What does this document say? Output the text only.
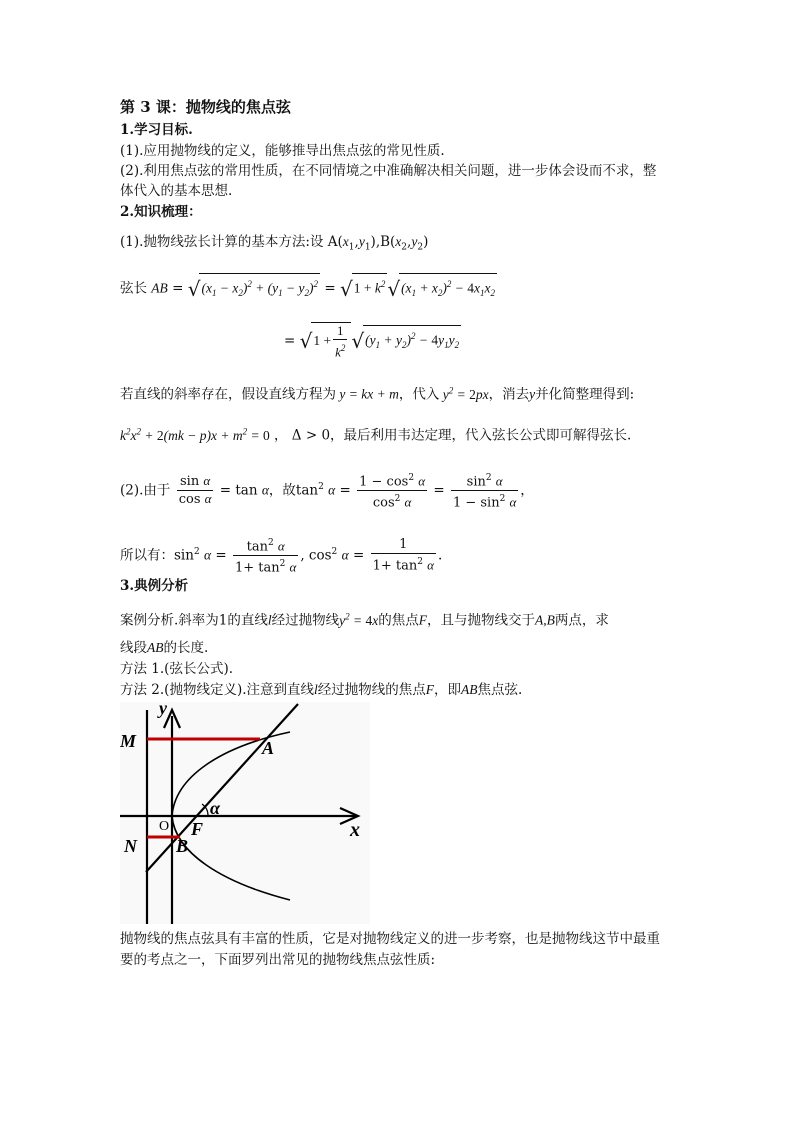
第 3 课：抛物线的焦点弦
1.学习目标.
(1).应用抛物线的定义，能够推导出焦点弦的常见性质.
(2).利用焦点弦的常用性质，在不同情境之中准确解决相关问题，进一步体会设而不求，整
体代入的基本思想.
2.知识梳理：
(1).抛物线弦长计算的基本方法:设 $A(x_1,y_1),B(x_2,y_2)$
弦长 AB = $√(x_1 - x_2)^2 + (y_1 - y_2)^2 = √1 + k^2$ $√(x_1 + x_2)^2 - 4x_1x_2$
= $√1 + \frac{1}{k^2} √(y_1 + y_2)^2 - 4y_1y_2$
若直线的斜率存在，假设直线方程为 y = kx + m，代入 $y^2 = 2px$，消去y并化简整理得到:
$k^2x^2 + 2(mk - p)x + m^2 = 0$ ， Δ > 0，最后利用韦达定理，代入弦长公式即可解得弦长.
(2).由于 $\frac{\text{sin α}}{\text{cos α}} = \tan \alpha$，故$\tan^2 \alpha = \frac{1 - \cos^2 \alpha}{\cos^2 \alpha} = \frac{\sin^2 \alpha}{1 - \sin^2 \alpha}$ ，
所以有：$\sin^2 \alpha = \frac{\tan^2 \alpha}{1+ \tan^2 \alpha}$ , $\cos^2 \alpha = \frac{1}{1+ \tan^2 \alpha}$ .
3.典例分析
案例分析.斜率为1的直线l经过抛物线$y^2 = 4x$的焦点F，且与抛物线交于A,B两点，求
线段AB的长度.
方法 1.(弦长公式).
方法 2.(抛物线定义).注意到直线l经过抛物线的焦点F，即AB焦点弦.
y
x
M	A
N B
O F
α
抛物线的焦点弦具有丰富的性质，它是对抛物线定义的进一步考察，也是抛物线这节中最重
要的考点之一，下面罗列出常见的抛物线焦点弦性质:
